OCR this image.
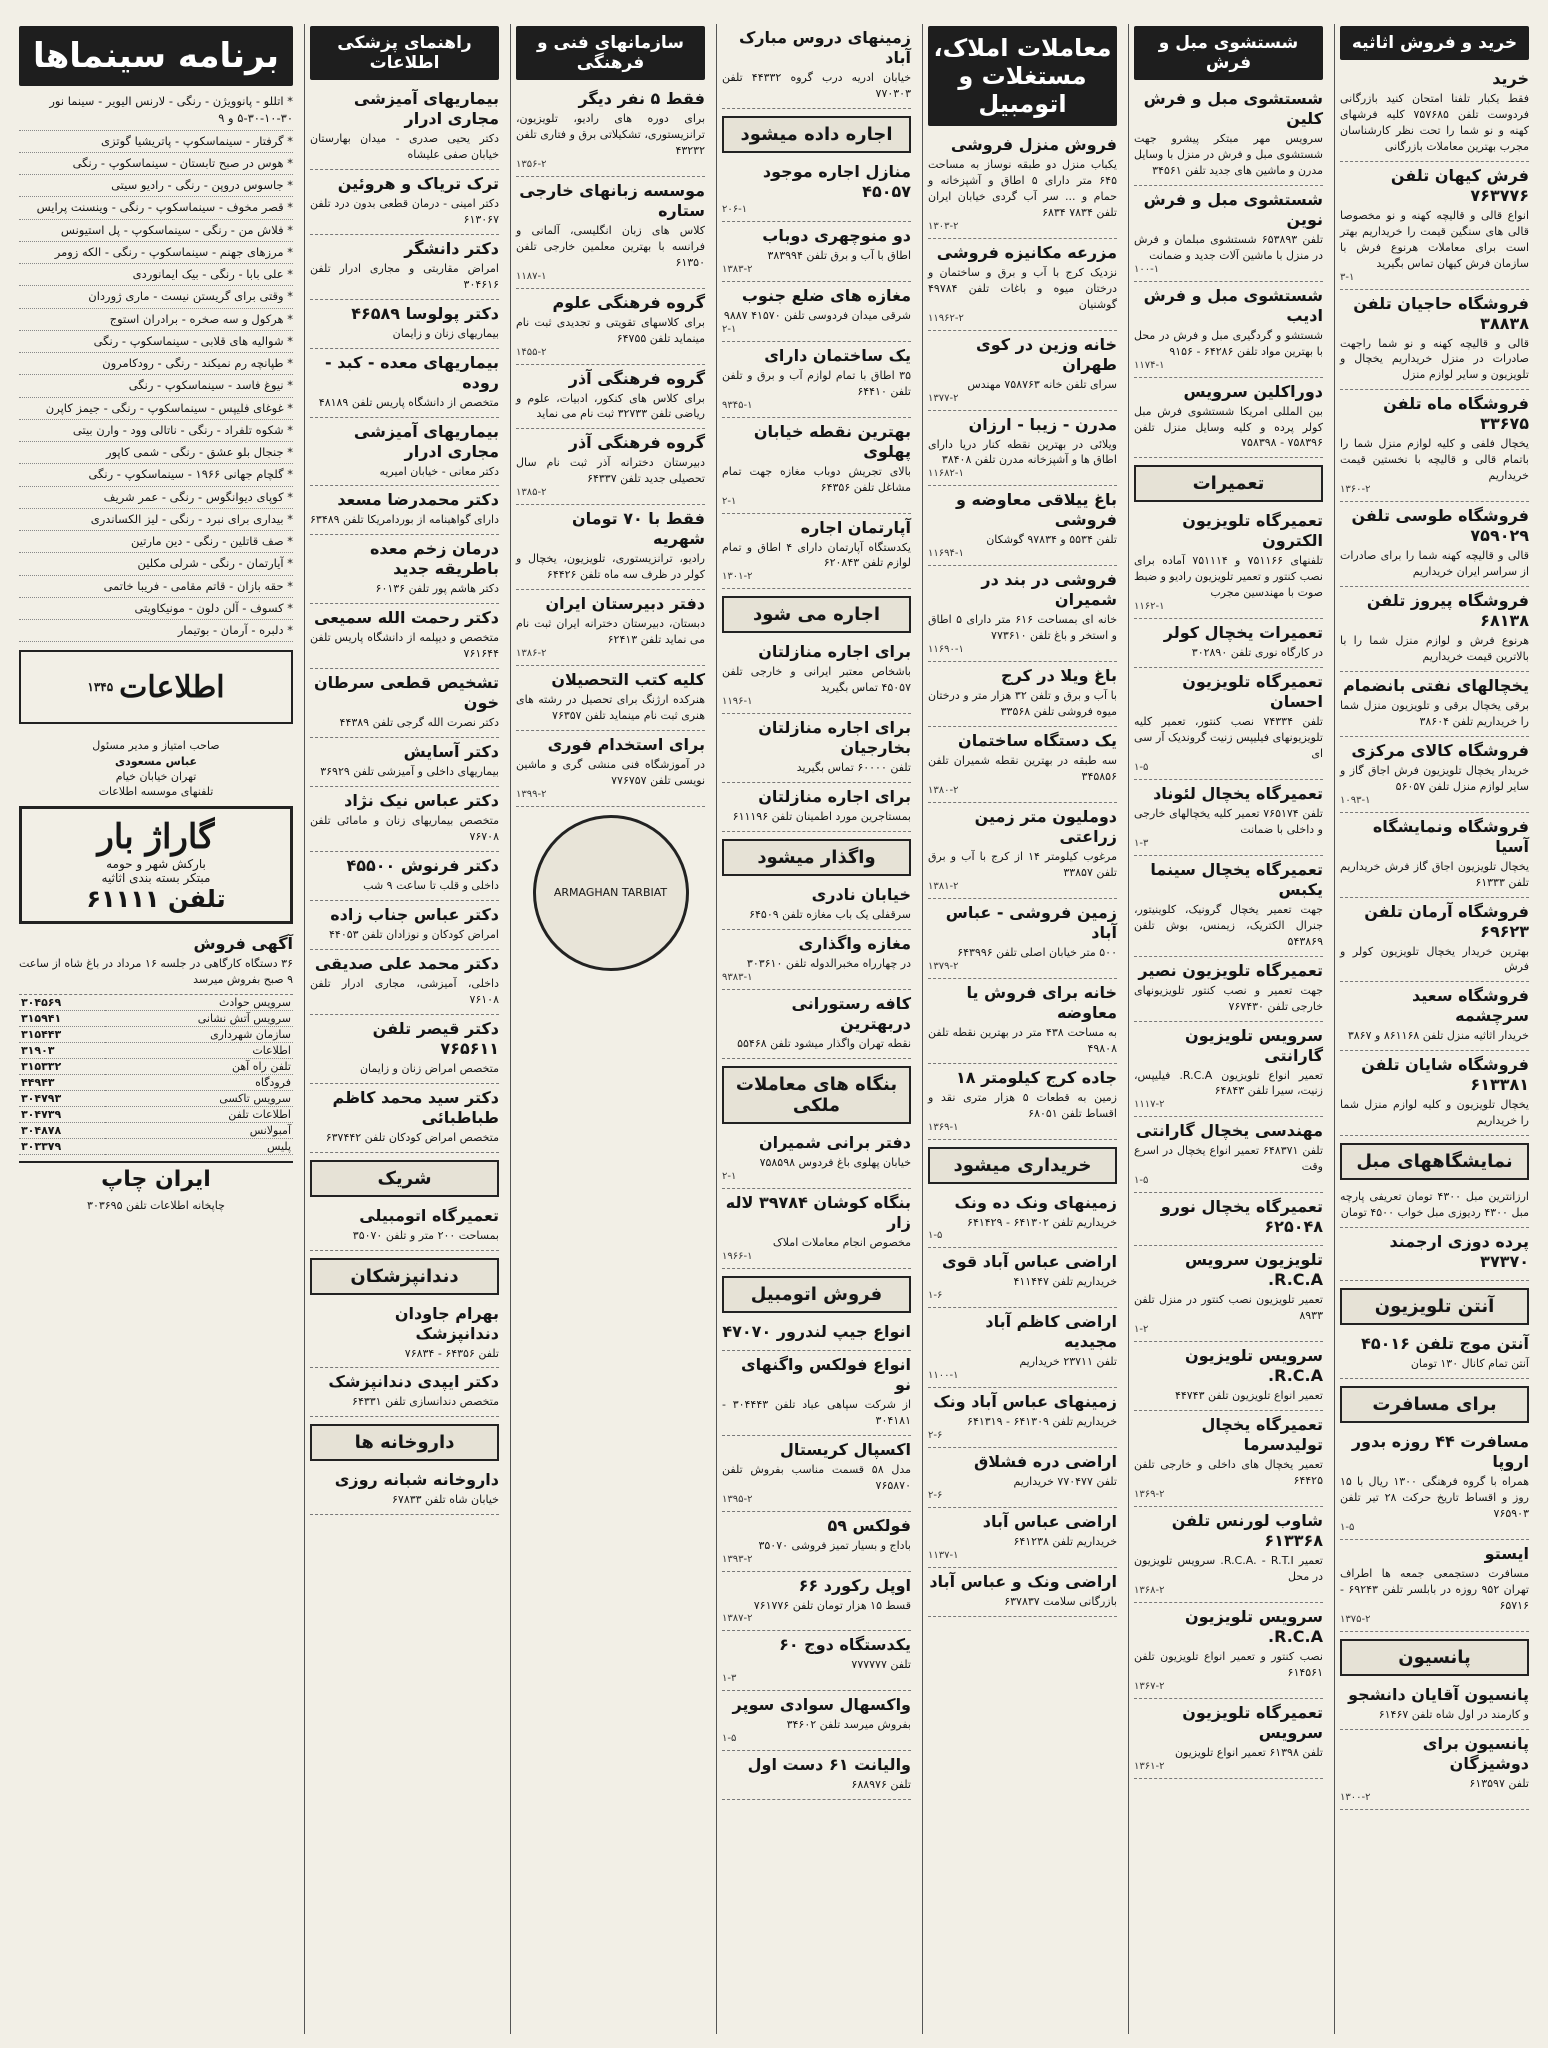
خرید و فروش اثاثیه
خرید
فقط یکبار تلفنا امتحان کنید بازرگانی فردوست تلفن ۷۵۷۶۸۵ کلیه فرشهای کهنه و نو شما را تحت نظر کارشناسان مجرب بهترین معاملات بازرگانی
فرش کیهان تلفن ۷۶۳۷۷۶
انواع قالی و قالیچه کهنه و نو مخصوصا قالی های سنگین قیمت را خریداریم بهتر است برای معاملات هرنوع فرش با سازمان فرش کیهان تماس بگیرید
۳-۱
فروشگاه حاجیان تلفن ۳۸۸۳۸
قالی و قالیچه کهنه و نو شما راجهت صادرات در منزل خریداریم یخچال و تلویزیون و سایر لوازم منزل
فروشگاه ماه تلفن ۳۳۶۷۵
یخچال فلفی و کلیه لوازم منزل شما را باتمام قالی و قالیچه با نخستین قیمت خریداریم
۱۳۶۰-۲
فروشگاه طوسی تلفن ۷۵۹۰۲۹
قالی و قالیچه کهنه شما را برای صادرات از سراسر ایران خریداریم
فروشگاه پیروز تلفن ۶۸۱۳۸
هرنوع فرش و لوازم منزل شما را با بالاترین قیمت خریداریم
یخچالهای نفتی بانضمام
برقی یخچال برقی و تلویزیون منزل شما را خریداریم تلفن ۳۸۶۰۴
فروشگاه کالای مرکزی
خریدار یخچال تلویزیون فرش اجاق گاز و سایر لوازم منزل تلفن ۵۶۰۵۷
۱۰۹۳-۱
فروشگاه ونمایشگاه آسیا
یخچال تلویزیون اجاق گاز فرش خریداریم تلفن ۶۱۳۳۳
فروشگاه آرمان تلفن ۶۹۶۲۳
بهترین خریدار یخچال تلویزیون کولر و فرش
فروشگاه سعید سرچشمه
خریدار اثاثیه منزل تلفن ۸۶۱۱۶۸ و ۳۸۶۷
فروشگاه شایان تلفن ۶۱۳۳۸۱
یخچال تلویزیون و کلیه لوازم منزل شما را خریداریم
نمایشگاههای مبل
ارزانترین مبل ۴۳۰۰ تومان تعریفی پارچه مبل ۴۳۰۰ ردیوزی مبل خواب ۴۵۰۰ تومان
پرده دوزی ارجمند ۳۷۳۷۰
آنتن تلویزیون
آنتن موج تلفن ۴۵۰۱۶
آنتن تمام کانال ۱۳۰ تومان
برای مسافرت
مسافرت ۴۴ روزه بدور اروپا
همراه با گروه فرهنگی ۱۳۰۰ ریال با ۱۵ روز و اقساط تاریخ حرکت ۲۸ تیر تلفن ۷۶۵۹۰۳
۱-۵
ایستو
مسافرت دستجمعی جمعه ها اطراف تهران ۹۵۲ روزه در بابلسر تلفن ۶۹۲۴۳ - ۶۵۷۱۶
۱۳۷۵-۲
پانسیون
پانسیون آقایان دانشجو
و کارمند در اول شاه تلفن ۶۱۴۶۷
پانسیون برای دوشیزگان
تلفن ۶۱۳۵۹۷
۱۳۰۰-۲
شستشوی مبل و فرش
شستشوی مبل و فرش کلین
سرویس مهر مبتکر پیشرو جهت شستشوی مبل و فرش در منزل با وسایل مدرن و ماشین های جدید تلفن ۳۴۵۶۱
شستشوی مبل و فرش نوین
تلفن ۶۵۳۸۹۳ شستشوی مبلمان و فرش در منزل با ماشین آلات جدید و ضمانت
۱۰۰-۱
شستشوی مبل و فرش ادیب
شستشو و گردگیری مبل و فرش در محل با بهترین مواد تلفن ۶۴۲۸۶ - ۹۱۵۶
۱۱۷۴-۱
دوراکلین سرویس
بین المللی امریکا شستشوی فرش مبل کولر پرده و کلیه وسایل منزل تلفن ۷۵۸۳۹۶ - ۷۵۸۳۹۸
تعمیرات
تعمیرگاه تلویزیون الکترون
تلفنهای ۷۵۱۱۶۶ و ۷۵۱۱۱۴ آماده برای نصب کنتور و تعمیر تلویزیون رادیو و ضبط صوت با مهندسین مجرب
۱۱۶۲-۱
تعمیرات یخچال کولر
در کارگاه نوری تلفن ۳۰۲۸۹۰
تعمیرگاه تلویزیون احسان
تلفن ۷۴۳۳۴ نصب کنتور، تعمیر کلیه تلویزیونهای فیلیپس زنیت گروندیک آر سی ای
۱-۵
تعمیرگاه یخچال لئوناد
تلفن ۷۶۵۱۷۴ تعمیر کلیه یخچالهای خارجی و داخلی با ضمانت
۱-۳
تعمیرگاه یخچال سینما یکبس
جهت تعمیر یخچال گرونیک، کلوینیتور، جنرال الکتریک، زیمنس، بوش تلفن ۵۴۳۸۶۹
تعمیرگاه تلویزیون نصیر
جهت تعمیر و نصب کنتور تلویزیونهای خارجی تلفن ۷۶۷۴۳۰
سرویس تلویزیون گارانتی
تعمیر انواع تلویزیون R.C.A. فیلیپس، زنیت، سیرا تلفن ۶۴۸۴۳
۱۱۱۷-۲
مهندسی یخچال گارانتی
تلفن ۶۴۸۳۷۱ تعمیر انواع یخچال در اسرع وقت
۱-۵
تعمیرگاه یخچال نورو ۶۲۵۰۴۸
تلویزیون سرویس R.C.A.
تعمیر تلویزیون نصب کنتور در منزل تلفن ۸۹۳۳
۱-۲
سرویس تلویزیون R.C.A.
تعمیر انواع تلویزیون تلفن ۴۴۷۴۳
تعمیرگاه یخچال تولیدسرما
تعمیر یخچال های داخلی و خارجی تلفن ۶۴۴۲۵
۱۳۶۹-۲
شاوب لورنس تلفن ۶۱۳۳۶۸
تعمیر R.C.A. - R.T.I. سرویس تلویزیون در محل
۱۳۶۸-۲
سرویس تلویزیون R.C.A.
نصب کنتور و تعمیر انواع تلویزیون تلفن ۶۱۴۵۶۱
۱۳۶۷-۲
تعمیرگاه تلویزیون سرویس
تلفن ۶۱۳۹۸ تعمیر انواع تلویزیون
۱۳۶۱-۲
معاملات املاک، مستغلات و اتومبیل
فروش منزل فروشی
یکباب منزل دو طبقه نوساز به مساحت ۶۴۵ متر دارای ۵ اطاق و آشپزخانه و حمام و ... سر آب گردی خیابان ایران تلفن ۷۸۳۴ ۶۸۳۴
۱۳۰۳-۲
مزرعه مکانیزه فروشی
نزدیک کرج با آب و برق و ساختمان و درختان میوه و باغات تلفن ۴۹۷۸۴ گوشنیان
۱۱۹۶۲-۲
خانه وزین در کوی طهران
سرای تلفن خانه ۷۵۸۷۶۳ مهندس
۱۳۷۷-۲
مدرن - زیبا - ارزان
ویلائی در بهترین نقطه کنار دریا دارای اطاق ها و آشپزخانه مدرن تلفن ۳۸۴۰۸
۱۱۶۸۲-۱
باغ ییلاقی معاوضه و فروشی
تلفن ۵۵۳۴ و ۹۷۸۳۴ گوشکان
۱۱۶۹۴-۱
فروشی در بند در شمیران
خانه ای بمساحت ۶۱۶ متر دارای ۵ اطاق و استخر و باغ تلفن ۷۷۳۶۱۰
۱۱۶۹۰-۱
باغ ویلا در کرج
با آب و برق و تلفن ۳۲ هزار متر و درختان میوه فروشی تلفن ۳۳۵۶۸
یک دستگاه ساختمان
سه طبقه در بهترین نقطه شمیران تلفن ۳۴۵۸۵۶
۱۳۸۰-۲
دوملیون متر زمین زراعتی
مرغوب کیلومتر ۱۴ از کرج با آب و برق تلفن ۳۳۸۵۷
۱۳۸۱-۲
زمین فروشی - عباس آباد
۵۰۰ متر خیابان اصلی تلفن ۶۴۳۹۹۶
۱۳۷۹-۲
خانه برای فروش یا معاوضه
به مساحت ۴۳۸ متر در بهترین نقطه تلفن ۴۹۸۰۸
جاده کرج کیلومتر ۱۸
زمین به قطعات ۵ هزار متری نقد و اقساط تلفن ۶۸۰۵۱
۱۳۶۹-۱
خریداری میشود
زمینهای ونک ده ونک
خریداریم تلفن ۶۴۱۳۰۲ - ۶۴۱۴۲۹
۱-۵
اراضی عباس آباد قوی
خریداریم تلفن ۴۱۱۴۴۷
۱-۶
اراضی کاظم آباد مجیدیه
تلفن ۲۳۷۱۱ خریداریم
۱۱۰۰-۱
زمینهای عباس آباد ونک
خریداریم تلفن ۶۴۱۳۰۹ - ۶۴۱۳۱۹
۲-۶
اراضی دره فشلاق
تلفن ۷۷۰۴۷۷ خریداریم
۲-۶
اراضی عباس آباد
خریداریم تلفن ۶۴۱۲۳۸
۱۱۳۷-۱
اراضی ونک و عباس آباد
بازرگانی سلامت ۶۳۷۸۳۷
زمینهای دروس مبارک آباد
خیابان ادریه درب گروه ۴۴۳۳۲ تلفن ۷۷۰۳۰۳
اجاره داده میشود
منازل اجاره موجود ۴۵۰۵۷
۲۰۶-۱
دو منوچهری دوباب
اطاق با آب و برق تلفن ۳۸۳۹۹۴
۱۳۸۳-۲
مغازه های ضلع جنوب
شرقی میدان فردوسی تلفن ۴۱۵۷۰ ۹۸۸۷
۲-۱
یک ساختمان دارای
۳۵ اطاق با تمام لوازم آب و برق و تلفن تلفن ۶۴۴۱۰
۹۳۴۵-۱
بهترین نقطه خیابان پهلوی
بالای تجریش دوباب مغازه جهت تمام مشاغل تلفن ۶۴۳۵۶
۲-۱
آپارتمان اجاره
یکدستگاه آپارتمان دارای ۴ اطاق و تمام لوازم تلفن ۶۲۰۸۴۳
۱۳۰۱-۲
اجاره می شود
برای اجاره منازلتان
باشخاص معتبر ایرانی و خارجی تلفن ۴۵۰۵۷ تماس بگیرید
۱۱۹۶-۱
برای اجاره منازلتان بخارجیان
تلفن ۶۰۰۰۰ تماس بگیرید
برای اجاره منازلتان
بمستاجرین مورد اطمینان تلفن ۶۱۱۱۹۶
واگذار میشود
خیابان نادری
سرقفلی یک باب مغازه تلفن ۶۴۵۰۹
مغازه واگذاری
در چهارراه مخبرالدوله تلفن ۳۰۳۶۱۰
۹۳۸۳-۱
کافه رستورانی دربهترین
نقطه تهران واگذار میشود تلفن ۵۵۴۶۸
بنگاه های معاملات ملکی
دفتر برانی شمیران
خیابان پهلوی باغ فردوس ۷۵۸۵۹۸
۲-۱
بنگاه کوشان ۳۹۷۸۴ لاله زار
مخصوص انجام معاملات املاک
۱۹۶۶-۱
فروش اتومبیل
انواع جیپ لندرور ۴۷۰۷۰
انواع فولکس واگنهای نو
از شرکت سپاهی عباد تلفن ۳۰۴۴۴۳ - ۳۰۴۱۸۱
اکسپال کریستال
مدل ۵۸ قسمت مناسب بفروش تلفن ۷۶۵۸۷۰
۱۳۹۵-۲
فولکس ۵۹
باداج و بسیار تمیز فروشی ۳۵۰۷۰
۱۳۹۳-۲
اوپل رکورد ۶۶
قسط ۱۵ هزار تومان تلفن ۷۶۱۷۷۶
۱۳۸۷-۲
یکدستگاه دوج ۶۰
تلفن ۷۷۷۷۷۷
۱-۳
واکسهال سوادی سوپر
بفروش میرسد تلفن ۳۴۶۰۲
۱-۵
والیانت ۶۱ دست اول
تلفن ۶۸۸۹۷۶
سازمانهای فنی و فرهنگی
فقط ۵ نفر دیگر
برای دوره های رادیو، تلویزیون، ترانزیستوری، تشکیلاتی برق و فتاری تلفن ۴۳۲۳۲
۱۳۵۶-۲
موسسه زبانهای خارجی ستاره
کلاس های زبان انگلیسی، آلمانی و فرانسه با بهترین معلمین خارجی تلفن ۶۱۳۵۰
۱۱۸۷-۱
گروه فرهنگی علوم
برای کلاسهای تقویتی و تجدیدی ثبت نام مینماید تلفن ۶۴۷۵۵
۱۴۵۵-۲
گروه فرهنگی آذر
برای کلاس های کنکور، ادبیات، علوم و ریاضی تلفن ۳۲۷۳۳ ثبت نام می نماید
گروه فرهنگی آذر
دبیرستان دخترانه آذر ثبت نام سال تحصیلی جدید تلفن ۶۴۳۳۷
۱۳۸۵-۲
فقط با ۷۰ تومان شهریه
رادیو، ترانزیستوری، تلویزیون، یخچال و کولر در ظرف سه ماه تلفن ۶۴۴۲۶
دفتر دبیرستان ایران
دبستان، دبیرستان دخترانه ایران ثبت نام می نماید تلفن ۶۲۴۱۳
۱۳۸۶-۲
کلیه کتب التحصیلان
هنرکده ارژنگ برای تحصیل در رشته های هنری ثبت نام مینماید تلفن ۷۶۳۵۷
برای استخدام فوری
در آموزشگاه فنی منشی گری و ماشین نویسی تلفن ۷۷۶۷۵۷
۱۳۹۹-۲
ARMAGHAN TARBIAT
راهنمای پزشکی اطلاعات
بیماریهای آمیزشی مجاری ادرار
دکتر یحیی صدری - میدان بهارستان خیابان صفی علیشاه
ترک تریاک و هروئین
دکتر امینی - درمان قطعی بدون درد تلفن ۶۱۳۰۶۷
دکتر دانشگر
امراض مقاربتی و مجاری ادرار تلفن ۳۰۴۶۱۶
دکتر پولوسا ۴۶۵۸۹
بیماریهای زنان و زایمان
بیماریهای معده - کبد - روده
متخصص از دانشگاه پاریس تلفن ۴۸۱۸۹
بیماریهای آمیزشی مجاری ادرار
دکتر معانی - خیابان امیریه
دکتر محمدرضا مسعد
دارای گواهینامه از بوردامریکا تلفن ۶۳۴۸۹
درمان زخم معده باطریقه جدید
دکتر هاشم پور تلفن ۶۰۱۳۶
دکتر رحمت الله سمیعی
متخصص و دیپلمه از دانشگاه پاریس تلفن ۷۶۱۶۴۴
تشخیص قطعی سرطان خون
دکتر نصرت الله گرجی تلفن ۴۴۳۸۹
دکتر آسایش
بیماریهای داخلی و آمیزشی تلفن ۳۶۹۲۹
دکتر عباس نیک نژاد
متخصص بیماریهای زنان و مامائی تلفن ۷۶۷۰۸
دکتر فرنوش ۴۵۵۰۰
داخلی و قلب تا ساعت ۹ شب
دکتر عباس جناب زاده
امراض کودکان و نوزادان تلفن ۴۴۰۵۳
دکتر محمد علی صدیقی
داخلی، آمیزشی، مجاری ادرار تلفن ۷۶۱۰۸
دکتر قیصر تلفن ۷۶۵۶۱۱
متخصص امراض زنان و زایمان
دکتر سید محمد کاظم طباطبائی
متخصص امراض کودکان تلفن ۶۳۷۴۴۲
شریک
تعمیرگاه اتومبیلی
بمساحت ۲۰۰ متر و تلفن ۳۵۰۷۰
دندانپزشکان
بهرام جاودان دندانپزشک
تلفن ۶۴۳۵۶ - ۷۶۸۳۴
دکتر ایپدی دندانپزشک
متخصص دندانسازی تلفن ۶۴۳۳۱
داروخانه ها
داروخانه شبانه روزی
خیابان شاه تلفن ۶۷۸۳۳
برنامه سینماها
* اتللو - پانوویژن - رنگی - لارنس الیویر - سینما نور ۳۰-۱۰-۳۰-۵ و ۹
* گرفتار - سینماسکوپ - پاتریشیا گوتزی
* هوس در صبح تابستان - سینماسکوپ - رنگی
* جاسوس دروپن - رنگی - رادیو سیتی
* قصر مخوف - سینماسکوپ - رنگی - وینسنت پرایس
* فلاش من - رنگی - سینماسکوپ - پل استیونس
* مرزهای جهنم - سینماسکوپ - رنگی - الکه زومر
* علی بابا - رنگی - بیک ایمانوردی
* وقتی برای گریستن نیست - ماری ژوردان
* هرکول و سه صخره - برادران استوج
* شوالیه های قلابی - سینماسکوپ - رنگی
* طپانچه رم نمیکند - رنگی - رودکامرون
* نیوغ فاسد - سینماسکوپ - رنگی
* غوغای فلیپس - سینماسکوپ - رنگی - جیمز کاپرن
* شکوه تلفراد - رنگی - ناتالی وود - وارن بیتی
* جنجال بلو عشق - رنگی - شمی کاپور
* گلچام جهانی ۱۹۶۶ - سینماسکوپ - رنگی
* کوپای دیوانگوس - رنگی - عمر شریف
* بیداری برای نبرد - رنگی - لیز الکساندری
* صف قاتلین - رنگی - دین مارتین
* آیارتمان - رنگی - شرلی مکلین
* حقه بازان - قاتم مقامی - فریبا خاتمی
* کسوف - آلن دلون - مونیکاویتی
* دلبره - آرمان - بوتیمار
اطلاعات
۱۳۴۵
صاحب امتیاز و مدیر مسئول
عباس مسعودی
تهران خیابان خیام
تلفنهای موسسه اطلاعات
گاراژ بار
بارکش شهر و حومه
مبتکر بسته بندی اثاثیه
تلفن ۶۱۱۱۱
آگهی فروش
۳۶ دستگاه کارگاهی در جلسه ۱۶ مرداد در باغ شاه از ساعت ۹ صبح بفروش میرسد
سرویس حوادث	۳۰۴۵۶۹
سرویس آتش نشانی	۳۱۵۹۴۱
سازمان شهرداری	۳۱۵۴۴۳
اطلاعات	۳۱۹۰۳
تلفن راه آهن	۳۱۵۳۳۲
فرودگاه	۴۴۹۴۳
سرویس تاکسی	۳۰۴۷۹۳
اطلاعات تلفن	۳۰۴۷۳۹
آمبولانس	۳۰۴۸۷۸
پلیس	۳۰۳۳۷۹
ایران چاپ
چاپخانه اطلاعات تلفن ۳۰۳۶۹۵
